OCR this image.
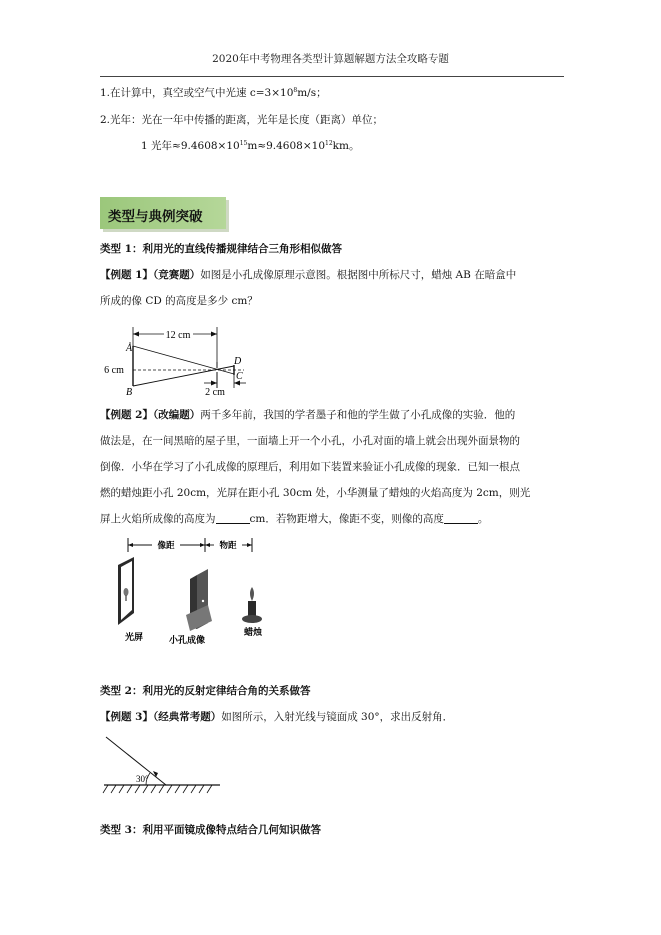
2020年中考物理各类型计算题解题方法全攻略专题
1.在计算中，真空或空气中光速 $c=3\times 10^8m/s$；
2.光年：光在一年中传播的距离，光年是长度（距离）单位；
1 光年$\approx 9.4608\times 10^{15}m\approx 9.4608\times 10^{12}km$。
类型与典例突破
类型 1：利用光的直线传播规律结合三角形相似做答
【例题 1】（竞赛题）如图是小孔成像原理示意图。根据图中所标尺寸，蜡烛 AB 在暗盒中
所成的像 CD 的高度是多少 cm？
12 cm
6 cm
2 cm
A
B
D
C
【例题 2】（改编题）两千多年前，我国的学者墨子和他的学生做了小孔成像的实验．他的
做法是，在一间黑暗的屋子里，一面墙上开一个小孔，小孔对面的墙上就会出现外面景物的
倒像．小华在学习了小孔成像的原理后，利用如下装置来验证小孔成像的现象．已知一根点
燃的蜡烛距小孔 20cm，光屏在距小孔 30cm 处，小华测量了蜡烛的火焰高度为 2cm，则光
屏上火焰所成像的高度为	cm．若物距增大，像距不变，则像的高度	。
像距	物距
光屏	小孔成像
蜡烛
类型 2：利用光的反射定律结合角的关系做答
【例题 3】（经典常考题）如图所示，入射光线与镜面成 30°，求出反射角．
30°
类型 3：利用平面镜成像特点结合几何知识做答
